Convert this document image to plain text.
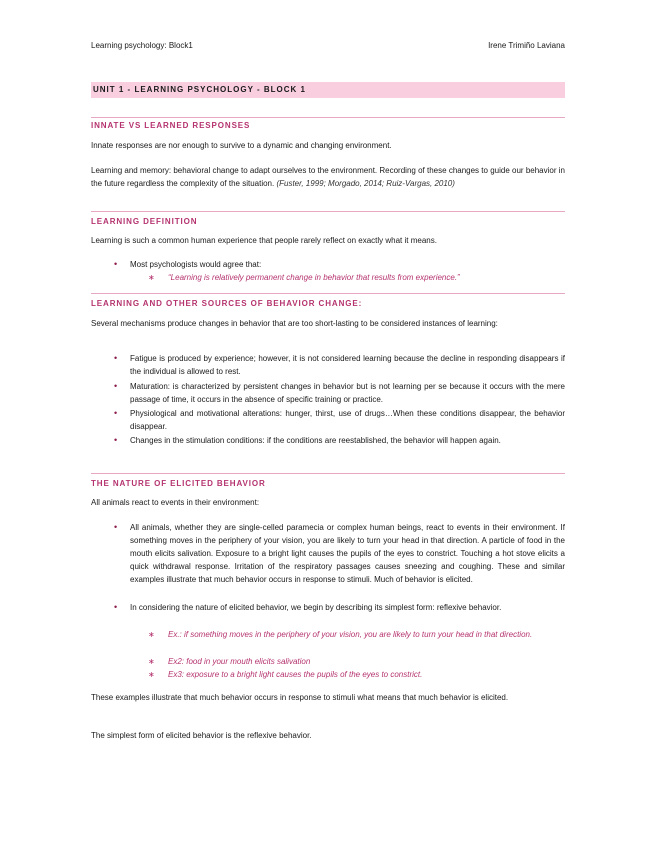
Learning psychology: Block1	Irene Trimiño Laviana
UNIT 1 - LEARNING PSYCHOLOGY - BLOCK 1
INNATE VS LEARNED RESPONSES
Innate responses are nor enough to survive to a dynamic and changing environment.
Learning and memory: behavioral change to adapt ourselves to the environment. Recording of these changes to guide our behavior in the future regardless the complexity of the situation. (Fuster, 1999; Morgado, 2014; Ruiz-Vargas, 2010)
LEARNING DEFINITION
Learning is such a common human experience that people rarely reflect on exactly what it means.
• Most psychologists would agree that:
∗ “Learning is relatively permanent change in behavior that results from experience.”
LEARNING AND OTHER SOURCES OF BEHAVIOR CHANGE:
Several mechanisms produce changes in behavior that are too short-lasting to be considered instances of learning:
• Fatigue is produced by experience; however, it is not considered learning because the decline in responding disappears if the individual is allowed to rest.
• Maturation: is characterized by persistent changes in behavior but is not learning per se because it occurs with the mere passage of time, it occurs in the absence of specific training or practice.
• Physiological and motivational alterations: hunger, thirst, use of drugs…When these conditions disappear, the behavior disappear.
• Changes in the stimulation conditions: if the conditions are reestablished, the behavior will happen again.
THE NATURE OF ELICITED BEHAVIOR
All animals react to events in their environment:
• All animals, whether they are single-celled paramecia or complex human beings, react to events in their environment. If something moves in the periphery of your vision, you are likely to turn your head in that direction. A particle of food in the mouth elicits salivation. Exposure to a bright light causes the pupils of the eyes to constrict. Touching a hot stove elicits a quick withdrawal response. Irritation of the respiratory passages causes sneezing and coughing. These and similar examples illustrate that much behavior occurs in response to stimuli. Much of behavior is elicited.
• In considering the nature of elicited behavior, we begin by describing its simplest form: reflexive behavior.
∗ Ex.: if something moves in the periphery of your vision, you are likely to turn your head in that direction.
∗ Ex2: food in your mouth elicits salivation
∗ Ex3: exposure to a bright light causes the pupils of the eyes to constrict.
These examples illustrate that much behavior occurs in response to stimuli what means that much behavior is elicited.
The simplest form of elicited behavior is the reflexive behavior.
